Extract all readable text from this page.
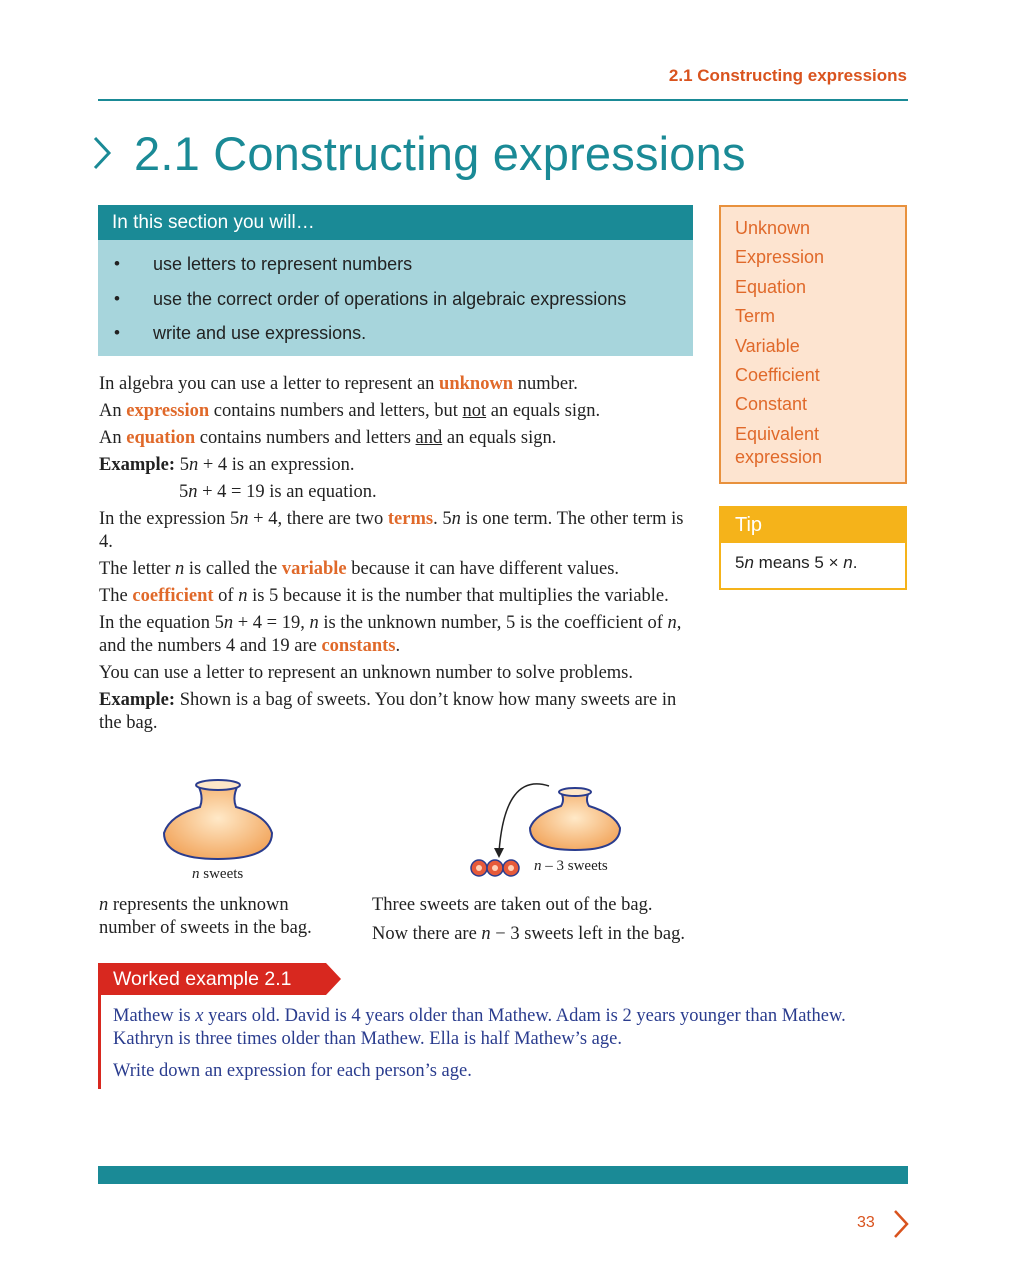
2.1 Constructing expressions
2.1 Constructing expressions
In this section you will…
• use letters to represent numbers
• use the correct order of operations in algebraic expressions
• write and use expressions.
Unknown
Expression
Equation
Term
Variable
Coefficient
Constant
Equivalent expression
Tip
5n means 5 × n.

In algebra you can use a letter to represent an unknown number.

An expression contains numbers and letters, but not an equals sign.

An equation contains numbers and letters and an equals sign.

Example: 5n + 4 is an expression.

5n + 4 = 19 is an equation.

In the expression 5n + 4, there are two terms. 5n is one term. The other term is 4.

The letter n is called the variable because it can have different values.

The coefficient of n is 5 because it is the number that multiplies the variable.

In the equation 5n + 4 = 19, n is the unknown number, 5 is the coefficient of n, and the numbers 4 and 19 are constants.

You can use a letter to represent an unknown number to solve problems.

Example: Shown is a bag of sweets. You don’t know how many sweets are in the bag.

n sweets	n – 3 sweets
n represents the unknown number of sweets in the bag.
Three sweets are taken out of the bag.
Now there are n − 3 sweets left in the bag.
Worked example 2.1

Mathew is x years old. David is 4 years older than Mathew. Adam is 2 years younger than Mathew. Kathryn is three times older than Mathew. Ella is half Mathew’s age.

Write down an expression for each person’s age.

33
